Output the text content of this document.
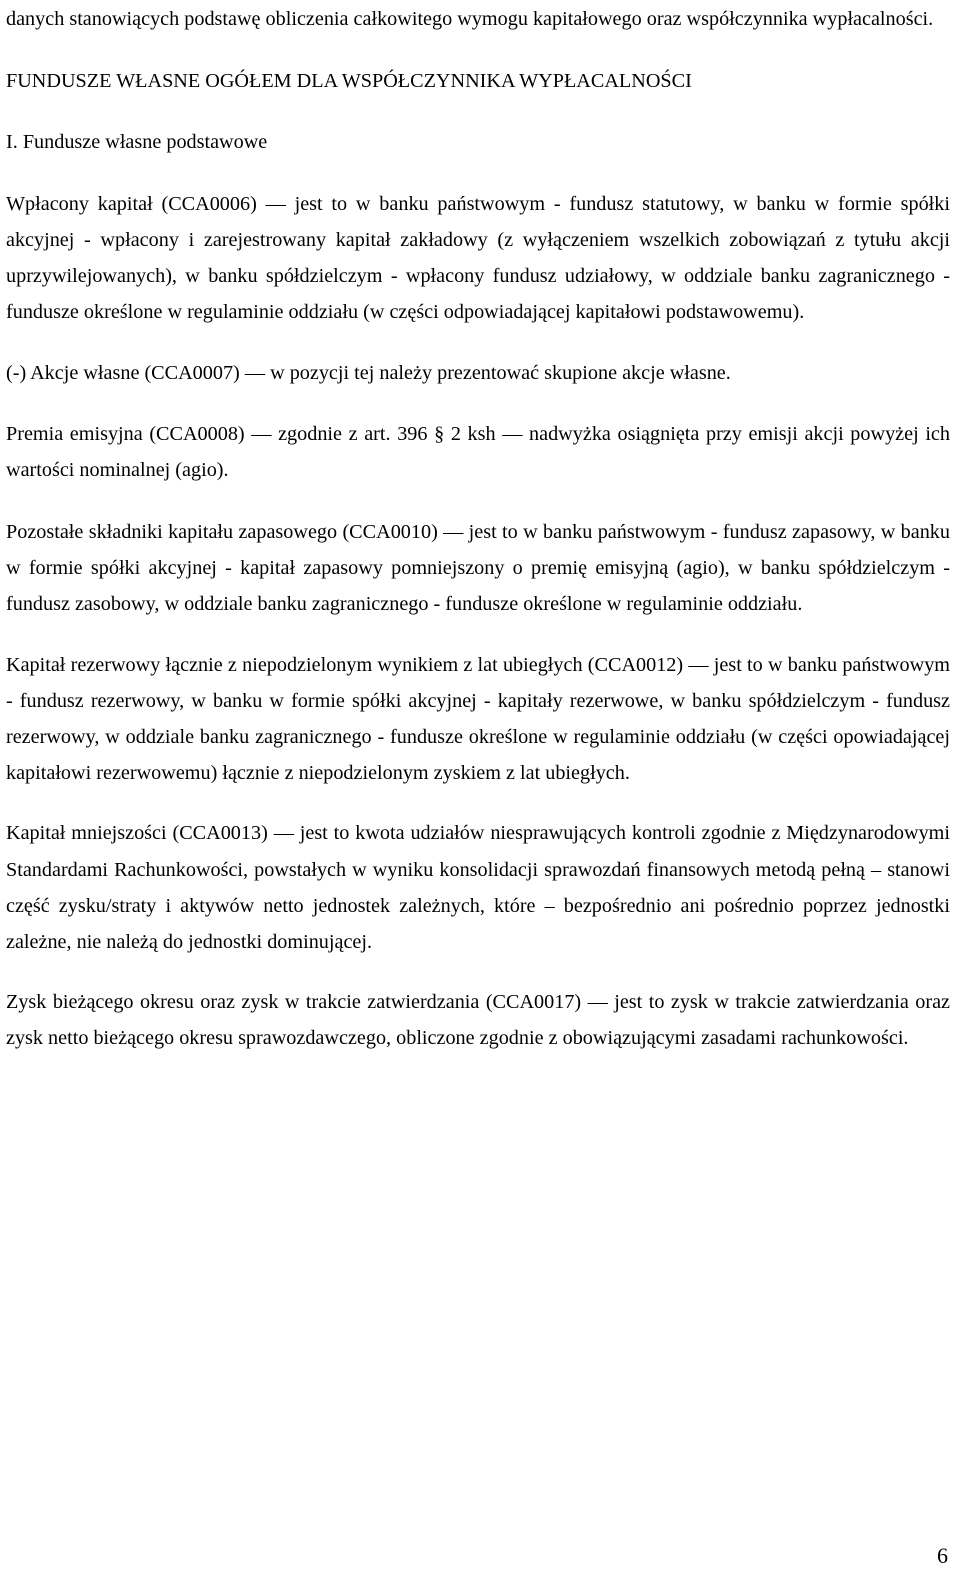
danych stanowiących podstawę obliczenia całkowitego wymogu kapitałowego oraz współczynnika wypłacalności.

FUNDUSZE WŁASNE OGÓŁEM DLA WSPÓŁCZYNNIKA WYPŁACALNOŚCI

I. Fundusze własne podstawowe

Wpłacony kapitał (CCA0006) — jest to w banku państwowym - fundusz statutowy, w banku w formie spółki akcyjnej - wpłacony i zarejestrowany kapitał zakładowy (z wyłączeniem wszelkich zobowiązań z tytułu akcji uprzywilejowanych), w banku spółdzielczym - wpłacony fundusz udziałowy, w oddziale banku zagranicznego - fundusze określone w regulaminie oddziału (w części odpowiadającej kapitałowi podstawowemu).

(-) Akcje własne (CCA0007) — w pozycji tej należy prezentować skupione akcje własne.

Premia emisyjna (CCA0008) — zgodnie z art. 396 § 2 ksh — nadwyżka osiągnięta przy emisji akcji powyżej ich wartości nominalnej (agio).

Pozostałe składniki kapitału zapasowego (CCA0010) — jest to w banku państwowym - fundusz zapasowy, w banku w formie spółki akcyjnej - kapitał zapasowy pomniejszony o premię emisyjną (agio), w banku spółdzielczym - fundusz zasobowy, w oddziale banku zagranicznego - fundusze określone w regulaminie oddziału.

Kapitał rezerwowy łącznie z niepodzielonym wynikiem z lat ubiegłych (CCA0012) — jest to w banku państwowym - fundusz rezerwowy, w banku w formie spółki akcyjnej - kapitały rezerwowe, w banku spółdzielczym - fundusz rezerwowy, w oddziale banku zagranicznego - fundusze określone w regulaminie oddziału (w części opowiadającej kapitałowi rezerwowemu) łącznie z niepodzielonym zyskiem z lat ubiegłych.

Kapitał mniejszości (CCA0013) — jest to kwota udziałów niesprawujących kontroli zgodnie z Międzynarodowymi Standardami Rachunkowości, powstałych w wyniku konsolidacji sprawozdań finansowych metodą pełną – stanowi część zysku/straty i aktywów netto jednostek zależnych, które – bezpośrednio ani pośrednio poprzez jednostki zależne, nie należą do jednostki dominującej.

Zysk bieżącego okresu oraz zysk w trakcie zatwierdzania (CCA0017) — jest to zysk w trakcie zatwierdzania oraz zysk netto bieżącego okresu sprawozdawczego, obliczone zgodnie z obowiązującymi zasadami rachunkowości.

6
